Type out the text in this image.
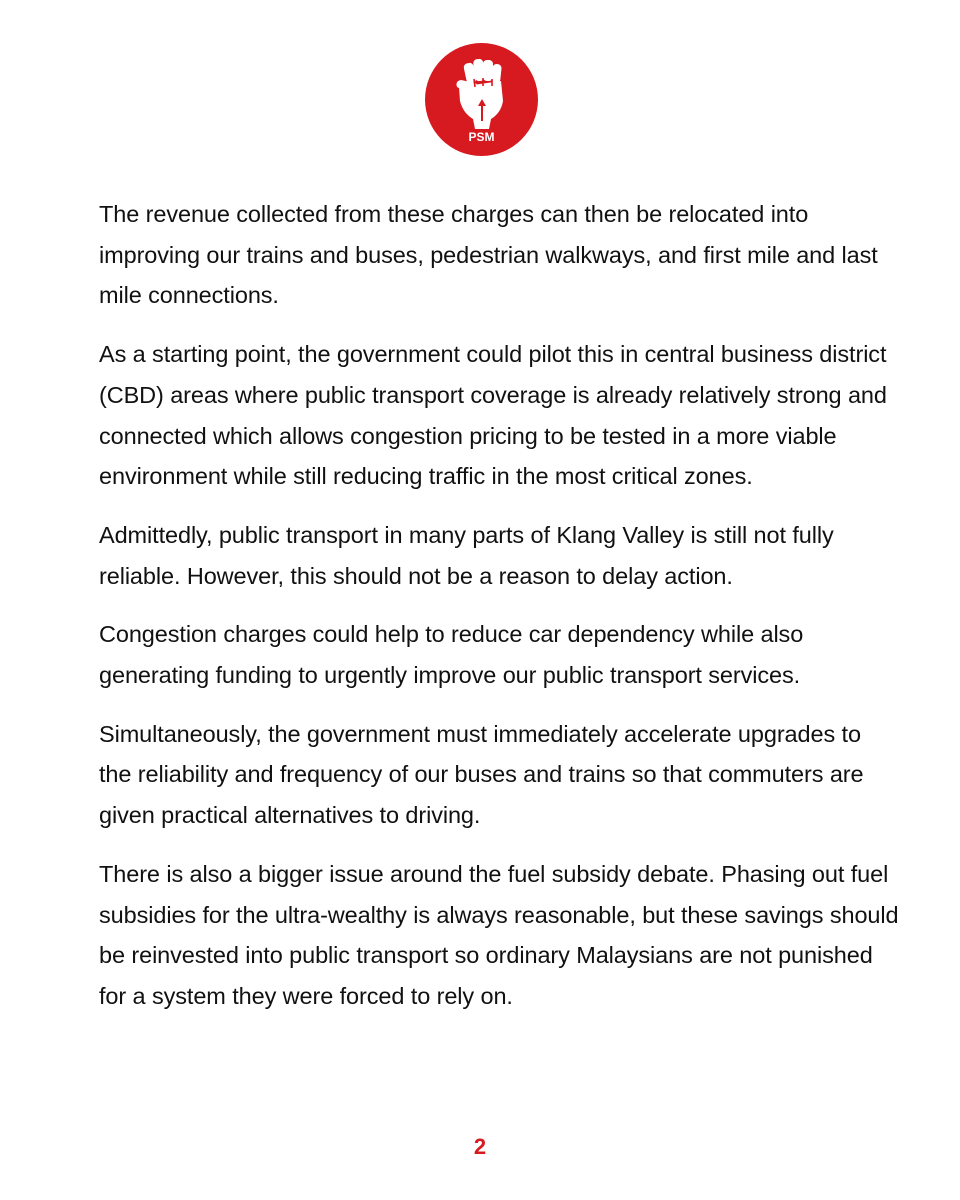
PSM

The revenue collected from these charges can then be relocated into improving our trains and buses, pedestrian walkways, and first mile and last mile connections.

As a starting point, the government could pilot this in central business district (CBD) areas where public transport coverage is already relatively strong and connected which allows congestion pricing to be tested in a more viable environment while still reducing traffic in the most critical zones.

Admittedly, public transport in many parts of Klang Valley is still not fully reliable. However, this should not be a reason to delay action.

Congestion charges could help to reduce car dependency while also generating funding to urgently improve our public transport services.

Simultaneously, the government must immediately accelerate upgrades to the reliability and frequency of our buses and trains so that commuters are given practical alternatives to driving.

There is also a bigger issue around the fuel subsidy debate. Phasing out fuel subsidies for the ultra-wealthy is always reasonable, but these savings should be reinvested into public transport so ordinary Malaysians are not punished for a system they were forced to rely on.

2
